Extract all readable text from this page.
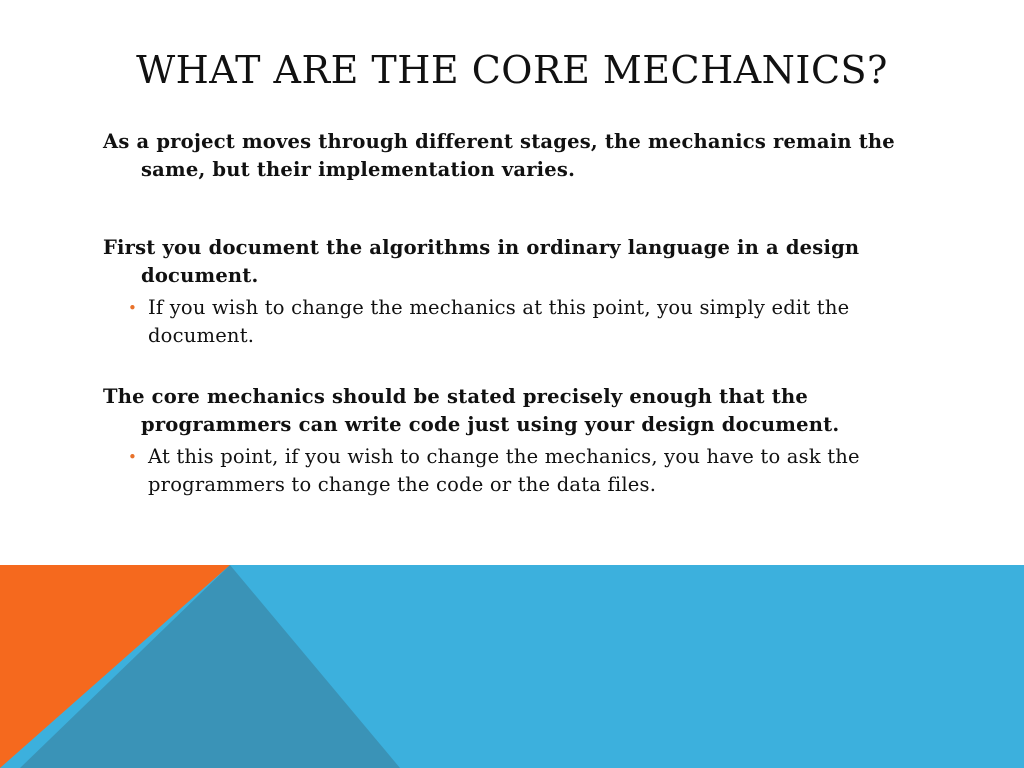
WHAT ARE THE CORE MECHANICS?
As a project moves through different stages, the mechanics remain the same, but their implementation varies.
First you document the algorithms in ordinary language in a design document.
• If you wish to change the mechanics at this point, you simply edit the document.
The core mechanics should be stated precisely enough that the programmers can write code just using your design document.
• At this point, if you wish to change the mechanics, you have to ask the programmers to change the code or the data files.
